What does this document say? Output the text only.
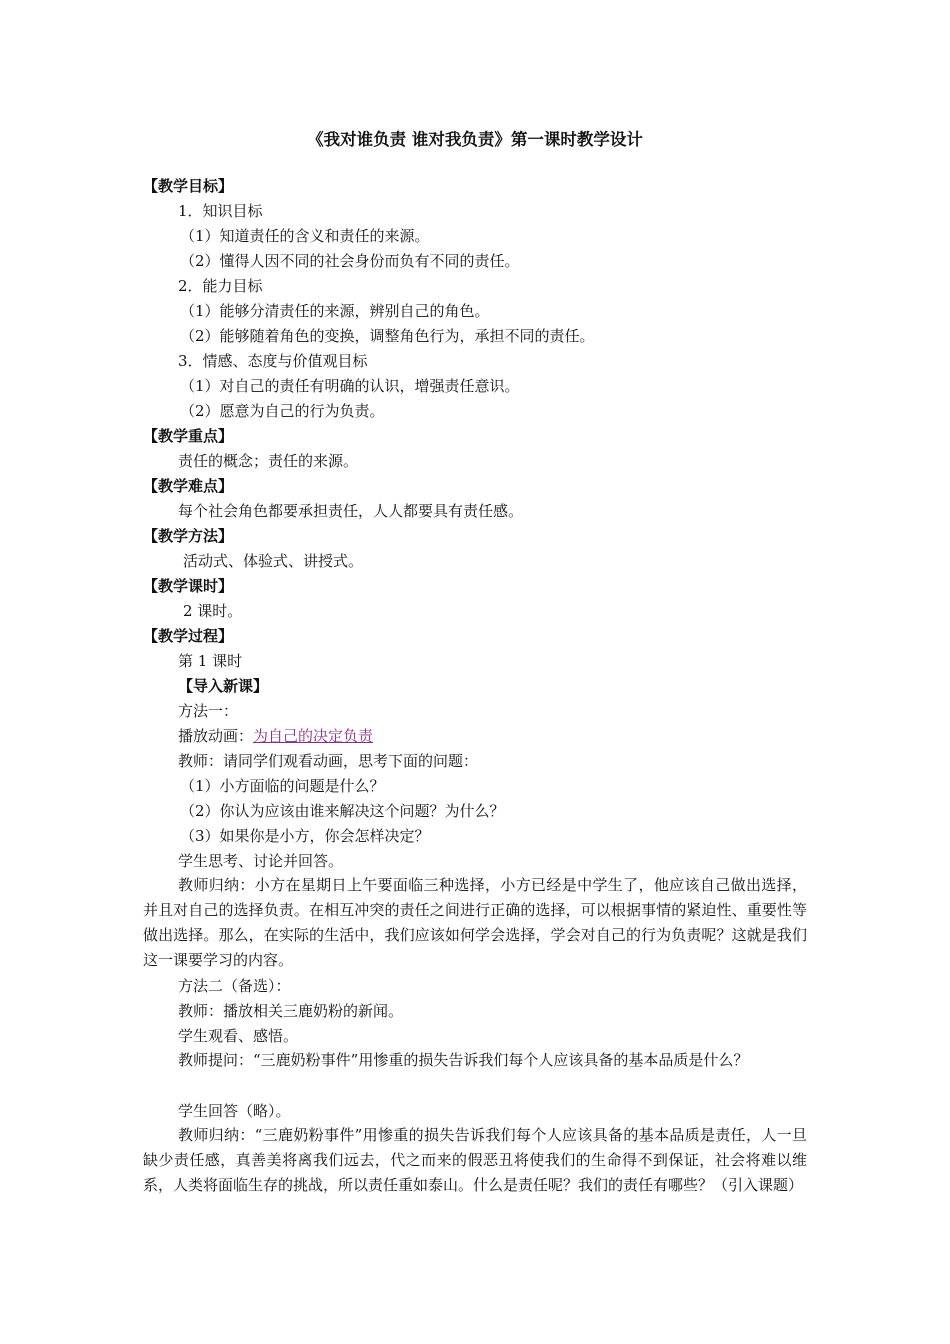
《我对谁负责 谁对我负责》第一课时教学设计
【教学目标】
1．知识目标
（1）知道责任的含义和责任的来源。
（2）懂得人因不同的社会身份而负有不同的责任。
2．能力目标
（1）能够分清责任的来源，辨别自己的角色。
（2）能够随着角色的变换，调整角色行为，承担不同的责任。
3．情感、态度与价值观目标
（1）对自己的责任有明确的认识，增强责任意识。
（2）愿意为自己的行为负责。
【教学重点】
责任的概念；责任的来源。
【教学难点】
每个社会角色都要承担责任，人人都要具有责任感。
【教学方法】
活动式、体验式、讲授式。
【教学课时】
2 课时。
【教学过程】
第 1 课时
【导入新课】
方法一：
播放动画：为自己的决定负责
教师：请同学们观看动画，思考下面的问题：
（1）小方面临的问题是什么？
（2）你认为应该由谁来解决这个问题？为什么？
（3）如果你是小方，你会怎样决定？
学生思考、讨论并回答。
教师归纳：小方在星期日上午要面临三种选择，小方已经是中学生了，他应该自己做出选择，并且对自己的选择负责。在相互冲突的责任之间进行正确的选择，可以根据事情的紧迫性、重要性等做出选择。那么，在实际的生活中，我们应该如何学会选择，学会对自己的行为负责呢？这就是我们这一课要学习的内容。
方法二（备选）：
教师：播放相关三鹿奶粉的新闻。
学生观看、感悟。
教师提问：“三鹿奶粉事件”用惨重的损失告诉我们每个人应该具备的基本品质是什么？
学生回答（略）。
教师归纳：“三鹿奶粉事件”用惨重的损失告诉我们每个人应该具备的基本品质是责任，人一旦缺少责任感，真善美将离我们远去，代之而来的假恶丑将使我们的生命得不到保证，社会将难以维系，人类将面临生存的挑战，所以责任重如泰山。什么是责任呢？我们的责任有哪些？（引入课题）
